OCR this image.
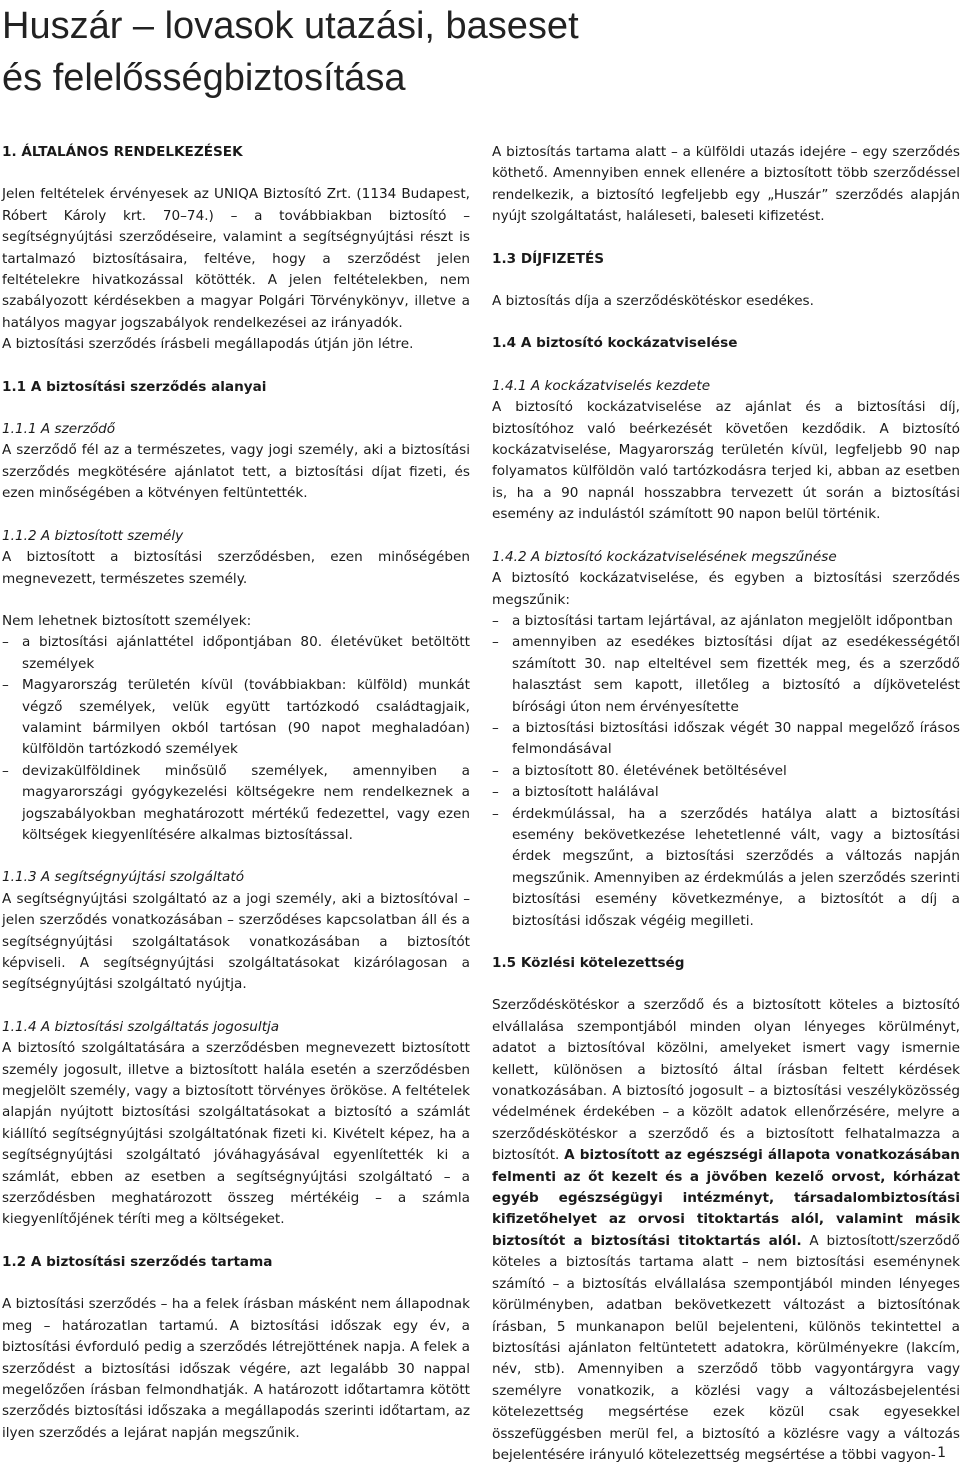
Huszár – lovasok utazási, baseset
és felelősségbiztosítása
1. ÁLTALÁNOS RENDELKEZÉSEK

Jelen feltételek érvényesek az UNIQA Biztosító Zrt. (1134 Budapest, Róbert Károly krt. 70–74.) – a továbbiakban biztosító – segítségnyújtási szerződéseire, valamint a segítségnyújtási részt is tartalmazó biztosításaira, feltéve, hogy a szerződést jelen feltételekre hivatkozással kötötték. A jelen feltételekben, nem szabályozott kérdésekben a magyar Polgári Törvénykönyv, illetve a hatályos magyar jogszabályok rendelkezései az irányadók.

A biztosítási szerződés írásbeli megállapodás útján jön létre.

1.1 A biztosítási szerződés alanyai

1.1.1 A szerződő

A szerződő fél az a természetes, vagy jogi személy, aki a biztosítási szerződés megkötésére ajánlatot tett, a biztosítási díjat fizeti, és ezen minőségében a kötvényen feltüntették.

1.1.2 A biztosított személy

A biztosított a biztosítási szerződésben, ezen minőségében megnevezett, természetes személy.

Nem lehetnek biztosított személyek:

– a biztosítási ajánlattétel időpontjában 80. életévüket betöltött személyek
– Magyarország területén kívül (továbbiakban: külföld) munkát végző személyek, velük együtt tartózkodó családtagjaik, valamint bármilyen okból tartósan (90 napot meghaladóan) külföldön tartózkodó személyek
– devizakülföldinek minősülő személyek, amennyiben a magyarországi gyógykezelési költségekre nem rendelkeznek a jogszabályokban meghatározott mértékű fedezettel, vagy ezen költségek kiegyenlítésére alkalmas biztosítással.

1.1.3 A segítségnyújtási szolgáltató

A segítségnyújtási szolgáltató az a jogi személy, aki a biztosítóval – jelen szerződés vonatkozásában – szerződéses kapcsolatban áll és a segítségnyújtási szolgáltatások vonatkozásában a biztosítót képviseli. A segítségnyújtási szolgáltatásokat kizárólagosan a segítségnyújtási szolgáltató nyújtja.

1.1.4 A biztosítási szolgáltatás jogosultja

A biztosító szolgáltatására a szerződésben megnevezett biztosított személy jogosult, illetve a biztosított halála esetén a szerződésben megjelölt személy, vagy a biztosított törvényes örököse. A feltételek alapján nyújtott biztosítási szolgáltatásokat a biztosító a számlát kiállító segítségnyújtási szolgáltatónak fizeti ki. Kivételt képez, ha a segítségnyújtási szolgáltató jóváhagyásával egyenlítették ki a számlát, ebben az esetben a segítségnyújtási szolgáltató – a szerződésben meghatározott összeg mértékéig – a számla kiegyenlítőjének téríti meg a költségeket.

1.2 A biztosítási szerződés tartama

A biztosítási szerződés – ha a felek írásban másként nem állapodnak meg – határozatlan tartamú. A biztosítási időszak egy év, a biztosítási évforduló pedig a szerződés létrejöttének napja. A felek a szerződést a biztosítási időszak végére, azt legalább 30 nappal megelőzően írásban felmondhatják. A határozott időtartamra kötött szerződés biztosítási időszaka a megállapodás szerinti időtartam, az ilyen szerződés a lejárat napján megszűnik.

A biztosítás tartama alatt – a külföldi utazás idejére – egy szerződés köthető. Amennyiben ennek ellenére a biztosított több szerződéssel rendelkezik, a biztosító legfeljebb egy „Huszár” szerződés alapján nyújt szolgáltatást, haláleseti, baleseti kifizetést.

1.3 DÍJFIZETÉS

A biztosítás díja a szerződéskötéskor esedékes.

1.4 A biztosító kockázatviselése

1.4.1 A kockázatviselés kezdete

A biztosító kockázatviselése az ajánlat és a biztosítási díj, biztosítóhoz való beérkezését követően kezdődik. A biztosító kockázatviselése, Magyarország területén kívül, legfeljebb 90 nap folyamatos külföldön való tartózkodásra terjed ki, abban az esetben is, ha a 90 napnál hosszabbra tervezett út során a biztosítási esemény az indulástól számított 90 napon belül történik.

1.4.2 A biztosító kockázatviselésének megszűnése

A biztosító kockázatviselése, és egyben a biztosítási szerződés megszűnik:

– a biztosítási tartam lejártával, az ajánlaton megjelölt időpontban
– amennyiben az esedékes biztosítási díjat az esedékességétől számított 30. nap elteltével sem fizették meg, és a szerződő halasztást sem kapott, illetőleg a biztosító a díjkövetelést bírósági úton nem érvényesítette
– a biztosítási biztosítási időszak végét 30 nappal megelőző írásos felmondásával
– a biztosított 80. életévének betöltésével
– a biztosított halálával
– érdekmúlással, ha a szerződés hatálya alatt a biztosítási esemény bekövetkezése lehetetlenné vált, vagy a biztosítási érdek megszűnt, a biztosítási szerződés a változás napján megszűnik. Amennyiben az érdekmúlás a jelen szerződés szerinti biztosítási esemény következménye, a biztosítót a díj a biztosítási időszak végéig megilleti.
1.5 Közlési kötelezettség

Szerződéskötéskor a szerződő és a biztosított köteles a biztosító elvállalása szempontjából minden olyan lényeges körülményt, adatot a biztosítóval közölni, amelyeket ismert vagy ismernie kellett, különösen a biztosító által írásban feltett kérdések vonatkozásában. A biztosító jogosult – a biztosítási veszélyközösség védelmének érdekében – a közölt adatok ellenőrzésére, melyre a szerződéskötéskor a szerződő és a biztosított felhatalmazza a biztosítót. A biztosított az egészségi állapota vonatkozásában felmenti az őt kezelt és a jövőben kezelő orvost, kórházat egyéb egészségügyi intézményt, társadalombiztosítási kifizetőhelyet az orvosi titoktartás alól, valamint másik biztosítót a biztosítási titoktartás alól. A biztosított/szerződő köteles a biztosítás tartama alatt – nem biztosítási eseménynek számító – a biztosítás elvállalása szempontjából minden lényeges körülményben, adatban bekövetkezett változást a biztosítónak írásban, 5 munkanapon belül bejelenteni, különös tekintettel a biztosítási ajánlaton feltüntetett adatokra, körülményekre (lakcím, név, stb). Amennyiben a szerződő több vagyontárgyra vagy személyre vonatkozik, a közlési vagy a változásbejelentési kötelezettség megsértése ezek közül csak egyesekkel összefüggésben merül fel, a biztosító a közlésre vagy a változás bejelentésére irányuló kötelezettség megsértése a többi vagyon- 1
